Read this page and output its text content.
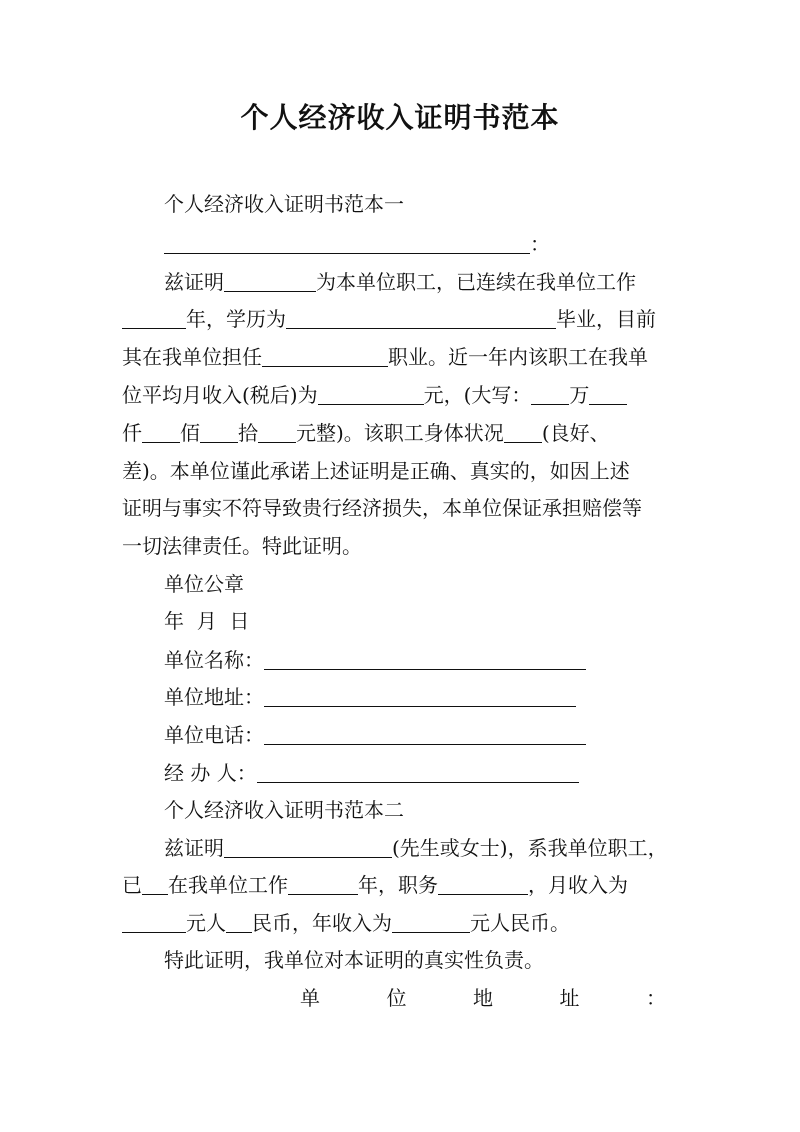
个人经济收入证明书范本
个人经济收入证明书范本一
：
兹证明	为本单位职工，已连续在我单位工作
年，学历为	毕业，目前
其在我单位担任	职业。近一年内该职工在我单
位平均月收入(税后)为	元，(大写： 万
仟 佰 拾 元整)。该职工身体状况 (良好、
差)。本单位谨此承诺上述证明是正确、真实的，如因上述
证明与事实不符导致贵行经济损失，本单位保证承担赔偿等
一切法律责任。特此证明。
单位公章
年  月  日
单位名称：
单位地址：
单位电话：
经 办 人：
个人经济收入证明书范本二
兹证明	(先生或女士)，系我单位职工，
已 在我单位工作	年，职务	，月收入为
元人 民币，年收入为	元人民币。
特此证明，我单位对本证明的真实性负责。
单	位	地	址	：
